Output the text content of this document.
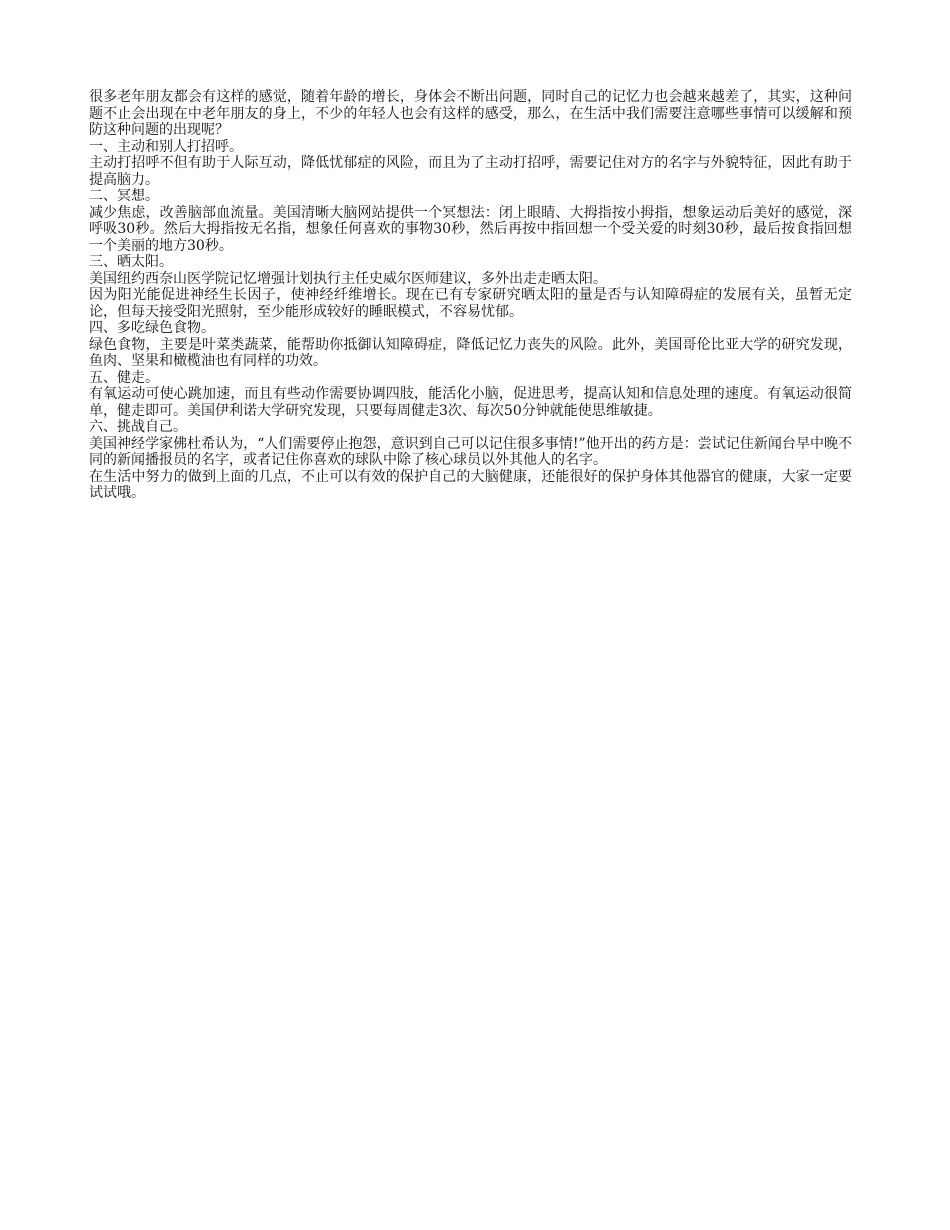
很多老年朋友都会有这样的感觉，随着年龄的增长，身体会不断出问题，同时自己的记忆力也会越来越差了，其实，这种问题不止会出现在中老年朋友的身上，不少的年轻人也会有这样的感受，那么，在生活中我们需要注意哪些事情可以缓解和预防这种问题的出现呢？

一、主动和别人打招呼。

主动打招呼不但有助于人际互动，降低忧郁症的风险，而且为了主动打招呼，需要记住对方的名字与外貌特征，因此有助于提高脑力。

二、冥想。

减少焦虑，改善脑部血流量。美国清晰大脑网站提供一个冥想法：闭上眼睛、大拇指按小拇指，想象运动后美好的感觉，深呼吸30秒。然后大拇指按无名指，想象任何喜欢的事物30秒，然后再按中指回想一个受关爱的时刻30秒，最后按食指回想一个美丽的地方30秒。

三、晒太阳。

美国纽约西奈山医学院记忆增强计划执行主任史威尔医师建议，多外出走走晒太阳。

因为阳光能促进神经生长因子，使神经纤维增长。现在已有专家研究晒太阳的量是否与认知障碍症的发展有关，虽暂无定论，但每天接受阳光照射，至少能形成较好的睡眠模式，不容易忧郁。

四、多吃绿色食物。

绿色食物，主要是叶菜类蔬菜，能帮助你抵御认知障碍症，降低记忆力丧失的风险。此外，美国哥伦比亚大学的研究发现，鱼肉、坚果和橄榄油也有同样的功效。

五、健走。

有氧运动可使心跳加速，而且有些动作需要协调四肢，能活化小脑，促进思考，提高认知和信息处理的速度。有氧运动很简单，健走即可。美国伊利诺大学研究发现，只要每周健走3次、每次50分钟就能使思维敏捷。

六、挑战自己。

美国神经学家佛杜希认为，“人们需要停止抱怨，意识到自己可以记住很多事情!”他开出的药方是：尝试记住新闻台早中晚不同的新闻播报员的名字，或者记住你喜欢的球队中除了核心球员以外其他人的名字。

在生活中努力的做到上面的几点，不止可以有效的保护自己的大脑健康，还能很好的保护身体其他器官的健康，大家一定要试试哦。
